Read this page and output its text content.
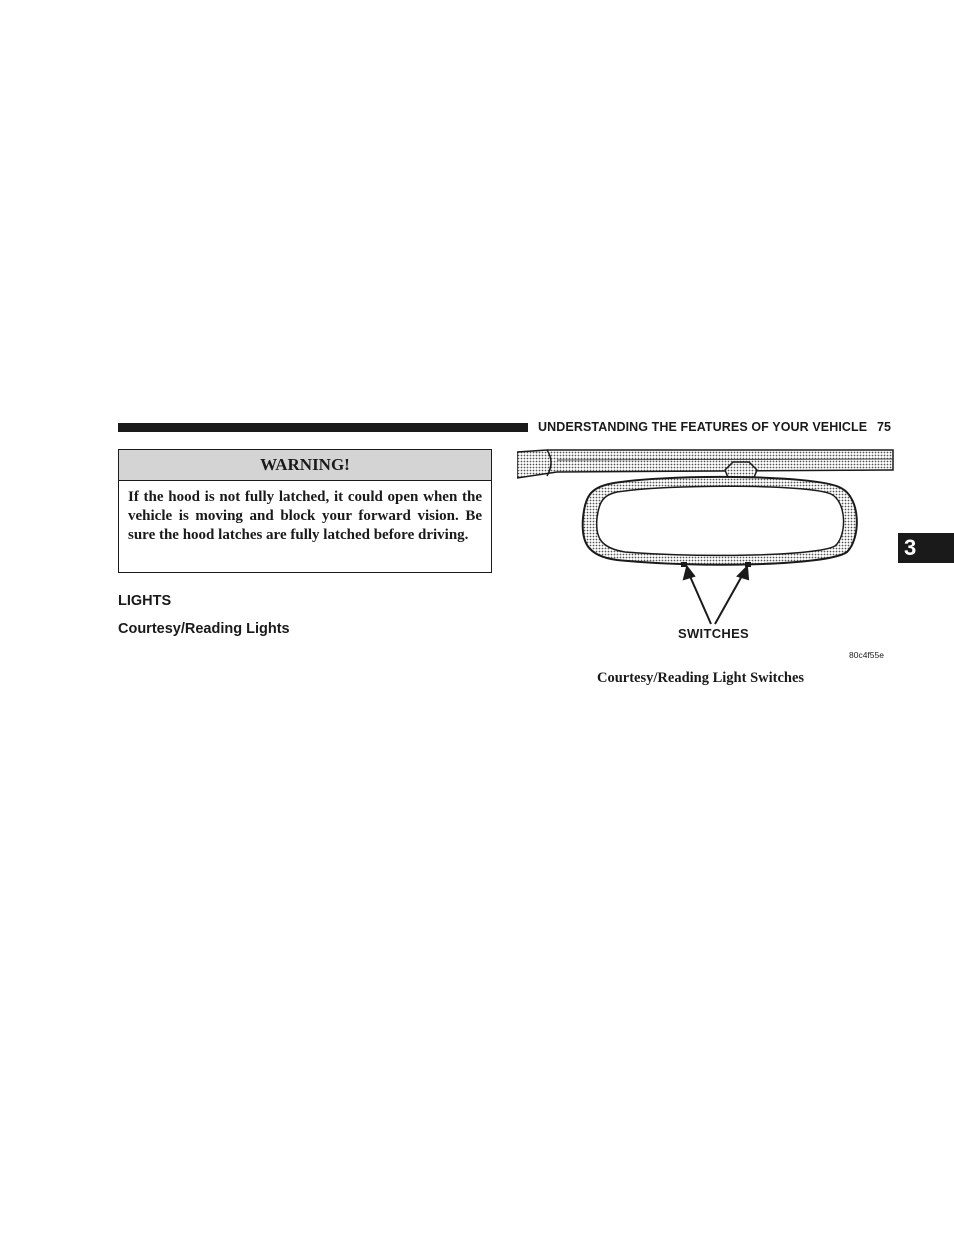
UNDERSTANDING THE FEATURES OF YOUR VEHICLE 75
3
WARNING!
If the hood is not fully latched, it could open when the vehicle is moving and block your forward vision. Be sure the hood latches are fully latched before driving.
LIGHTS
Courtesy/Reading Lights	SWITCHES
80c4f55e
Courtesy/Reading Light Switches
